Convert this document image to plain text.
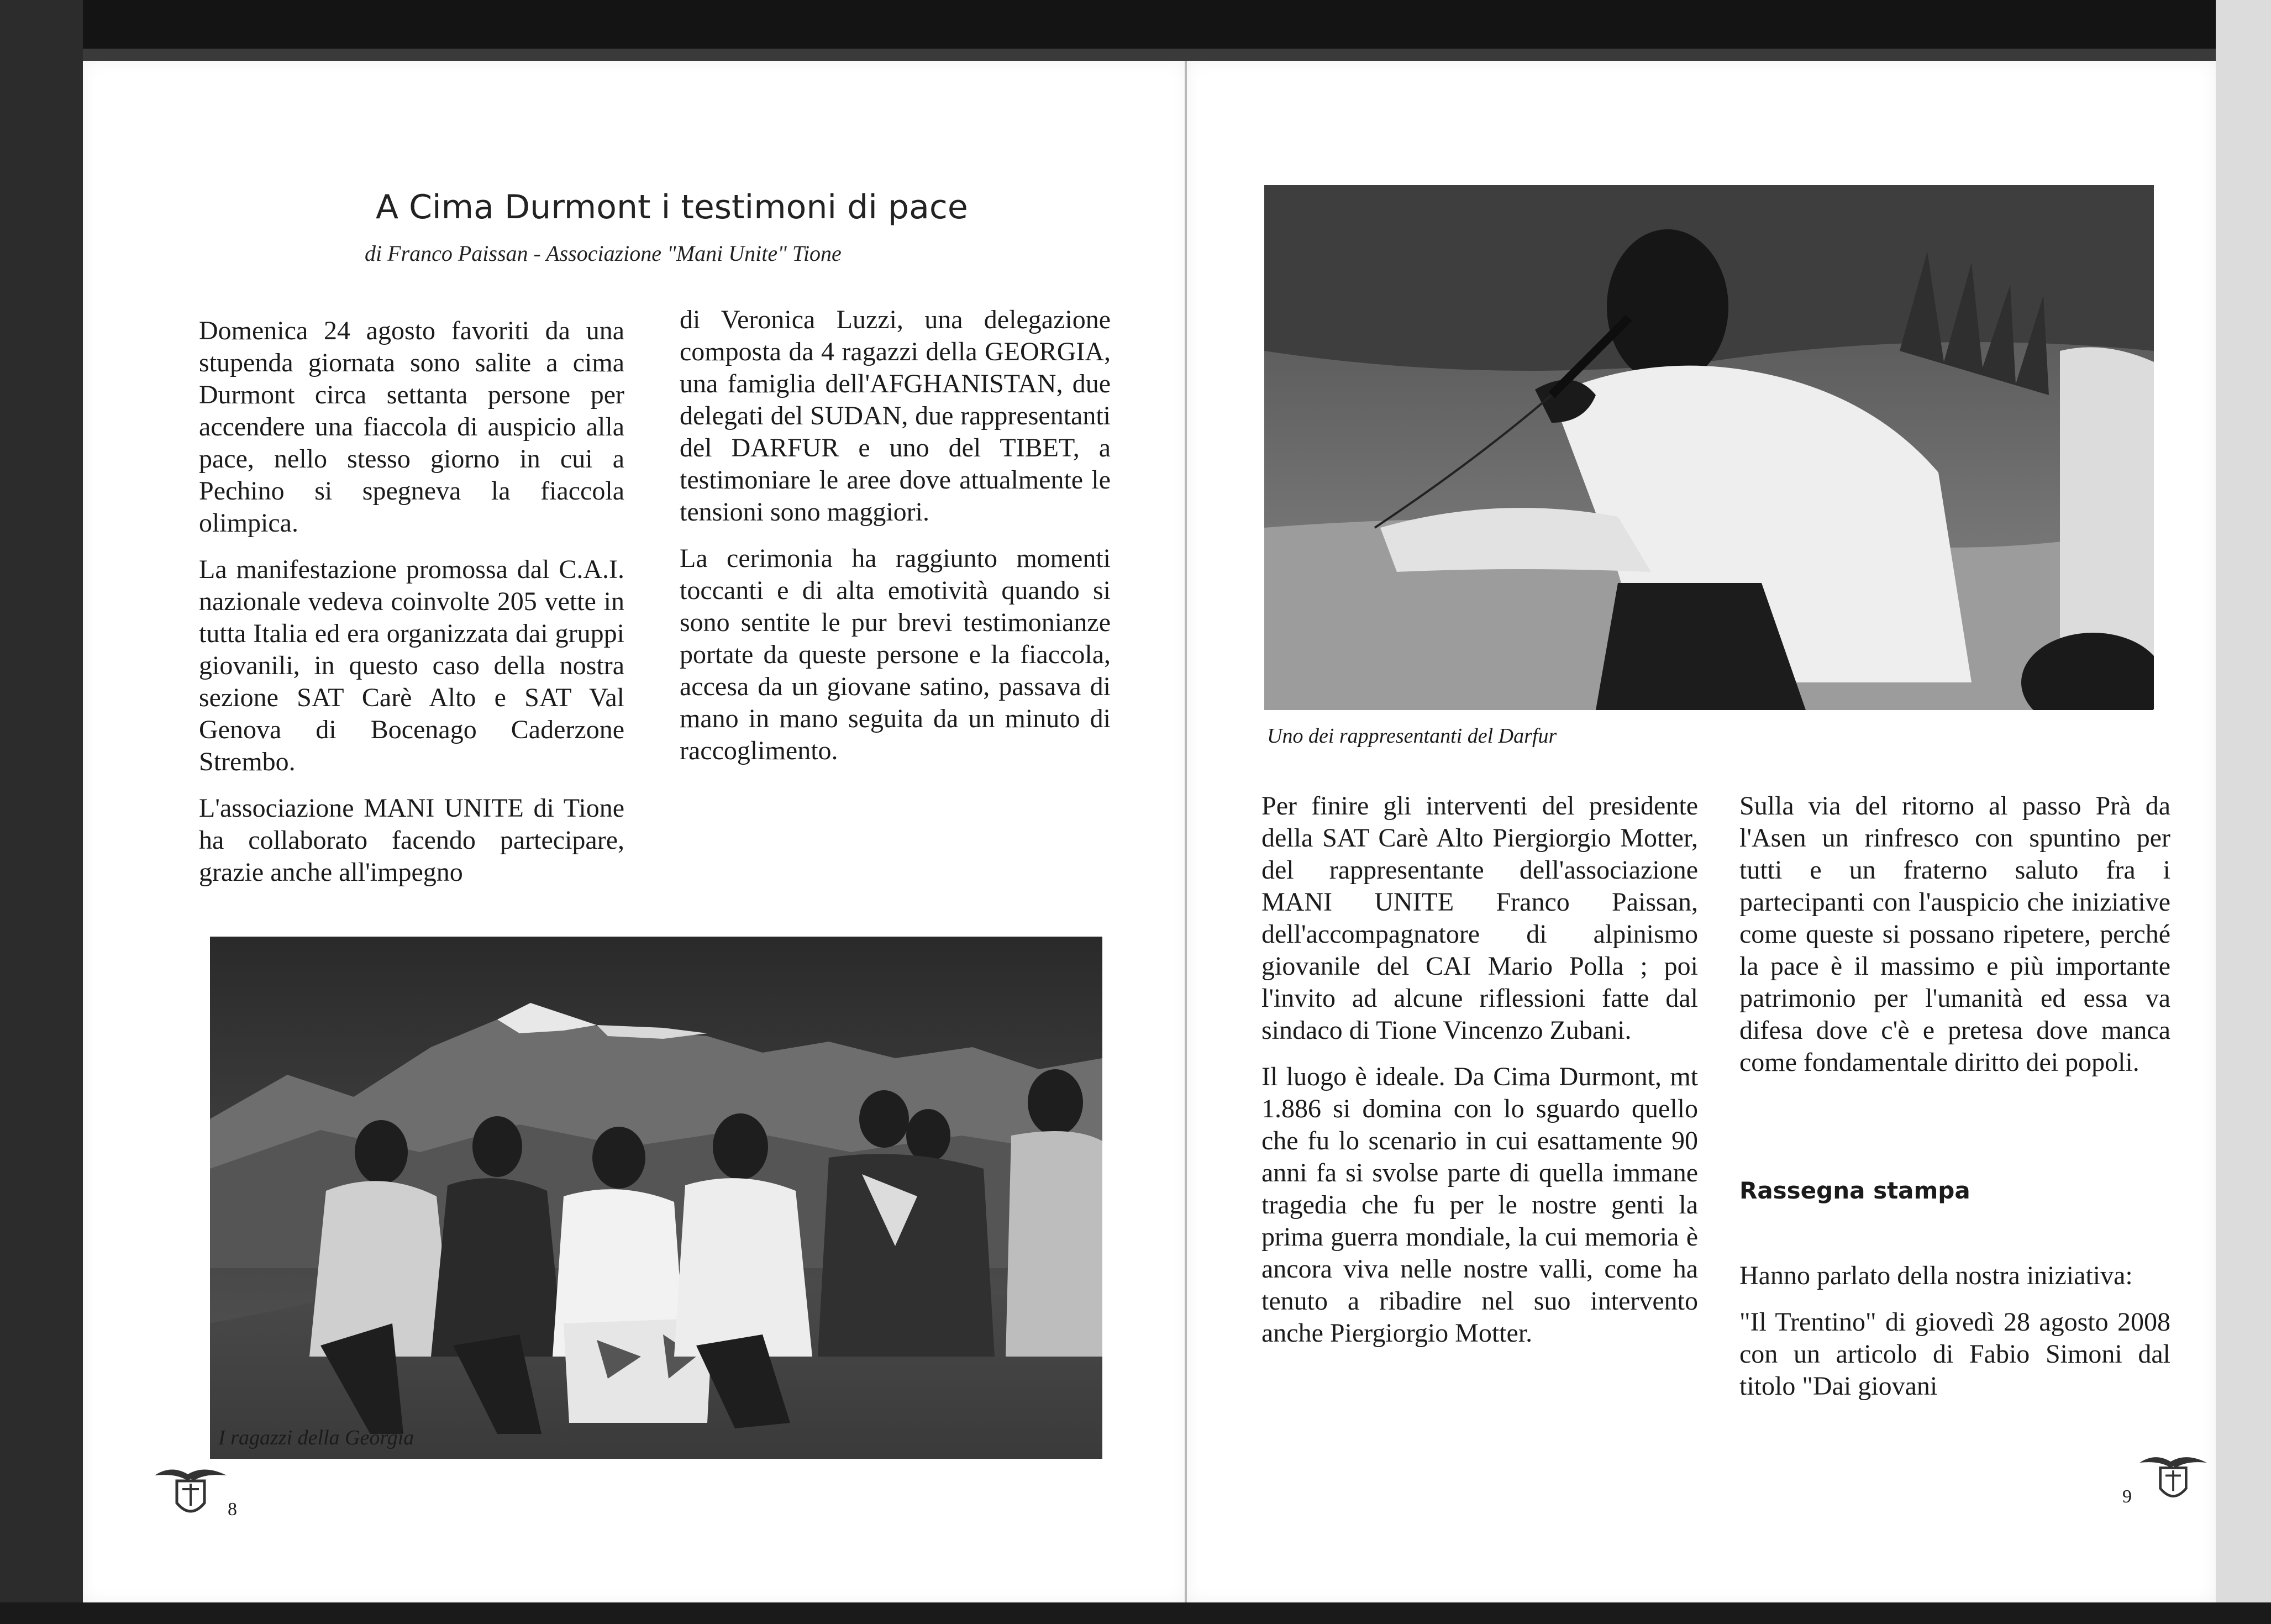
A Cima Durmont i testimoni di pace

di Franco Paissan - Associazione "Mani Unite" Tione

Domenica 24 agosto favoriti da una stupenda giornata sono salite a cima Durmont circa settanta persone per accendere una fiaccola di auspicio alla pace, nello stesso giorno in cui a Pechino si spegneva la fiaccola olimpica.

La manifestazione promossa dal C.A.I. nazionale vedeva coinvolte 205 vette in tutta Italia ed era organizzata dai gruppi giovanili, in questo caso della nostra sezione SAT Carè Alto e SAT Val Genova di Bocenago Caderzone Strembo.

L'associazione MANI UNITE di Tione ha collaborato facendo partecipare, grazie anche all'impegno

di Veronica Luzzi, una delegazione composta da 4 ragazzi della GEORGIA, una famiglia dell'AFGHANISTAN, due delegati del SUDAN, due rappresentanti del DARFUR e uno del TIBET, a testimoniare le aree dove attualmente le tensioni sono maggiori.

La cerimonia ha raggiunto momenti toccanti e di alta emotività quando si sono sentite le pur brevi testimonianze portate da queste persone e la fiaccola, accesa da un giovane satino, passava di mano in mano seguita da un minuto di raccoglimento.

I ragazzi della Georgia

8

Uno dei rappresentanti del Darfur

Per finire gli interventi del presidente della SAT Carè Alto Piergiorgio Motter, del rappresentante dell'associazione MANI UNITE Franco Paissan, dell'accompagnatore di alpinismo giovanile del CAI Mario Polla ; poi l'invito ad alcune riflessioni fatte dal sindaco di Tione Vincenzo Zubani.

Il luogo è ideale. Da Cima Durmont, mt 1.886 si domina con lo sguardo quello che fu lo scenario in cui esattamente 90 anni fa si svolse parte di quella immane tragedia che fu per le nostre genti la prima guerra mondiale, la cui memoria è ancora viva nelle nostre valli, come ha tenuto a ribadire nel suo intervento anche Piergiorgio Motter.

Sulla via del ritorno al passo Prà da l'Asen un rinfresco con spuntino per tutti e un fraterno saluto fra i partecipanti con l'auspicio che iniziative come queste si possano ripetere, perché la pace è il massimo e più importante patrimonio per l'umanità ed essa va difesa dove c'è e pretesa dove manca come fondamentale diritto dei popoli.

Rassegna stampa

Hanno parlato della nostra iniziativa:

"Il Trentino" di giovedì 28 agosto 2008 con un articolo di Fabio Simoni dal titolo "Dai giovani

9
